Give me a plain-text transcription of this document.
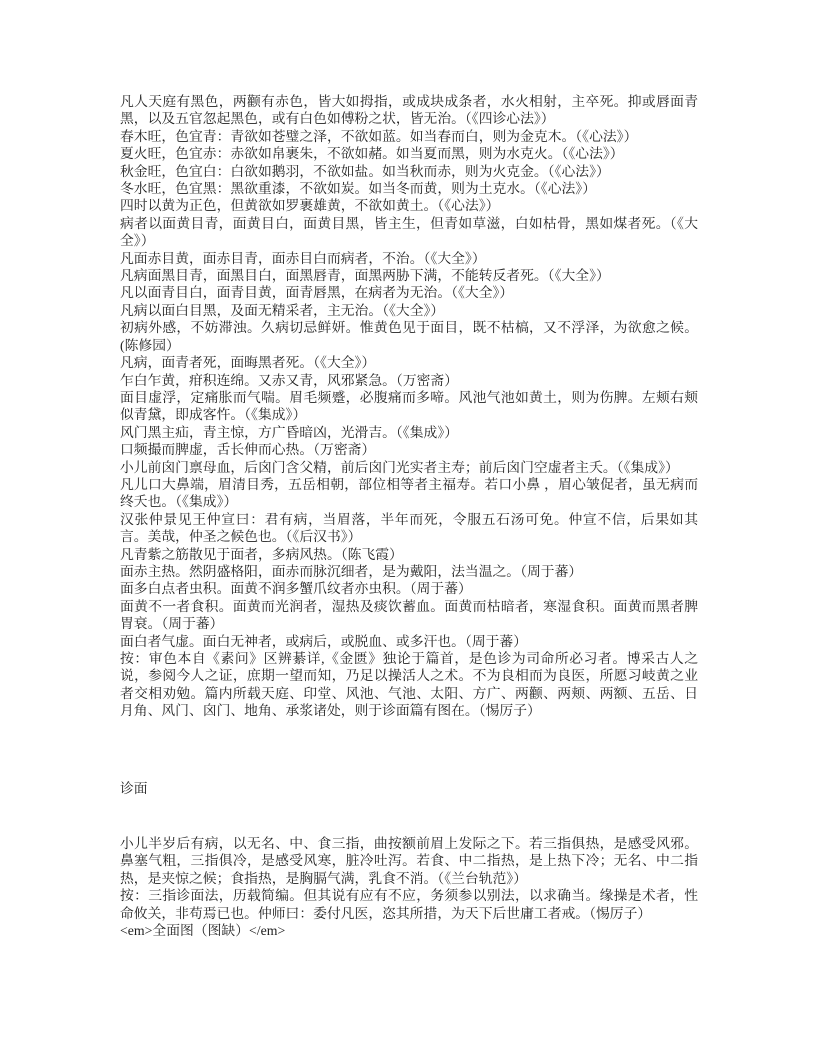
凡人天庭有黑色，两颧有赤色，皆大如拇指，或成块成条者，水火相射，主卒死。抑或唇面青黑，以及五官忽起黑色，或有白色如傅粉之状，皆无治。（《四诊心法》）

春木旺，色宜青：青欲如苍璧之泽，不欲如蓝。如当春而白，则为金克木。（《心法》）

夏火旺，色宜赤：赤欲如帛裹朱，不欲如赭。如当夏而黑，则为水克火。（《心法》）

秋金旺，色宜白：白欲如鹅羽，不欲如盐。如当秋而赤，则为火克金。（《心法》）

冬水旺，色宜黑：黑欲重漆，不欲如炭。如当冬而黄，则为土克水。（《心法》）

四时以黄为正色，但黄欲如罗裹雄黄，不欲如黄土。（《心法》）

病者以面黄目青，面黄目白，面黄目黑，皆主生，但青如草滋，白如枯骨，黑如煤者死。（《大全》）

凡面赤目黄，面赤目青，面赤目白而病者，不治。（《大全》）

凡病面黑目青，面黑目白，面黑唇青，面黑两胁下满，不能转反者死。（《大全》）

凡以面青目白，面青目黄，面青唇黑，在病者为无治。（《大全》）

凡病以面白目黑，及面无精采者，主无治。（《大全》）

初病外感，不妨滞浊。久病切忌鲜妍。惟黄色见于面目，既不枯槁，又不浮泽，为欲愈之候。(陈修园）

凡病，面青者死，面晦黑者死。（《大全》）

乍白乍黄，疳积连绵。又赤又青，风邪紧急。（万密斋）

面目虚浮，定痛胀而气喘。眉毛频蹙，必腹痛而多啼。风池气池如黄土，则为伤脾。左颊右颊似青黛，即成客忤。（《集成》）

风门黑主疝，青主惊，方广昏暗凶，光滑吉。（《集成》）

口频撮而脾虚，舌长伸而心热。（万密斋）

小儿前囟门禀母血，后囟门含父精，前后囟门光实者主寿；前后囟门空虚者主夭。（《集成》）

凡儿口大鼻端，眉清目秀，五岳相朝，部位相等者主福寿。若口小鼻 ，眉心皱促者，虽无病而终夭也。（《集成》）

汉张仲景见王仲宣曰：君有病，当眉落，半年而死，令服五石汤可免。仲宣不信，后果如其言。美哉，仲圣之候色也。（《后汉书》）

凡青紫之筋散见于面者，多病风热。（陈飞霞）

面赤主热。然阴盛格阳，面赤而脉沉细者，是为戴阳，法当温之。（周于蕃）

面多白点者虫积。面黄不润多蟹爪纹者亦虫积。（周于蕃）

面黄不一者食积。面黄而光润者，湿热及痰饮蓄血。面黄而枯暗者，寒湿食积。面黄而黑者脾胃衰。（周于蕃）

面白者气虚。面白无神者，或病后，或脱血、或多汗也。（周于蕃）

按：审色本自《素问》区辨綦详,《金匮》独论于篇首，是色诊为司命所必习者。博采古人之说，参阅今人之证，庶期一望而知，乃足以操活人之术。不为良相而为良医，所愿习岐黄之业者交相劝勉。篇内所载天庭、印堂、风池、气池、太阳、方广、两颧、两颊、两额、五岳、日月角、风门、囟门、地角、承浆诸处，则于诊面篇有图在。（惕厉子）

诊面

小儿半岁后有病，以无名、中、食三指，曲按额前眉上发际之下。若三指俱热，是感受风邪。鼻塞气粗，三指俱冷，是感受风寒，脏冷吐泻。若食、中二指热，是上热下冷；无名、中二指热，是夹惊之候；食指热，是胸膈气满，乳食不消。（《兰台轨范》）

按：三指诊面法，历载简编。但其说有应有不应，务须参以别法，以求确当。缘操是术者，性命攸关，非苟焉已也。仲师曰：委付凡医，恣其所措，为天下后世庸工者戒。（惕厉子）

<em>全面图（图缺）</em>
